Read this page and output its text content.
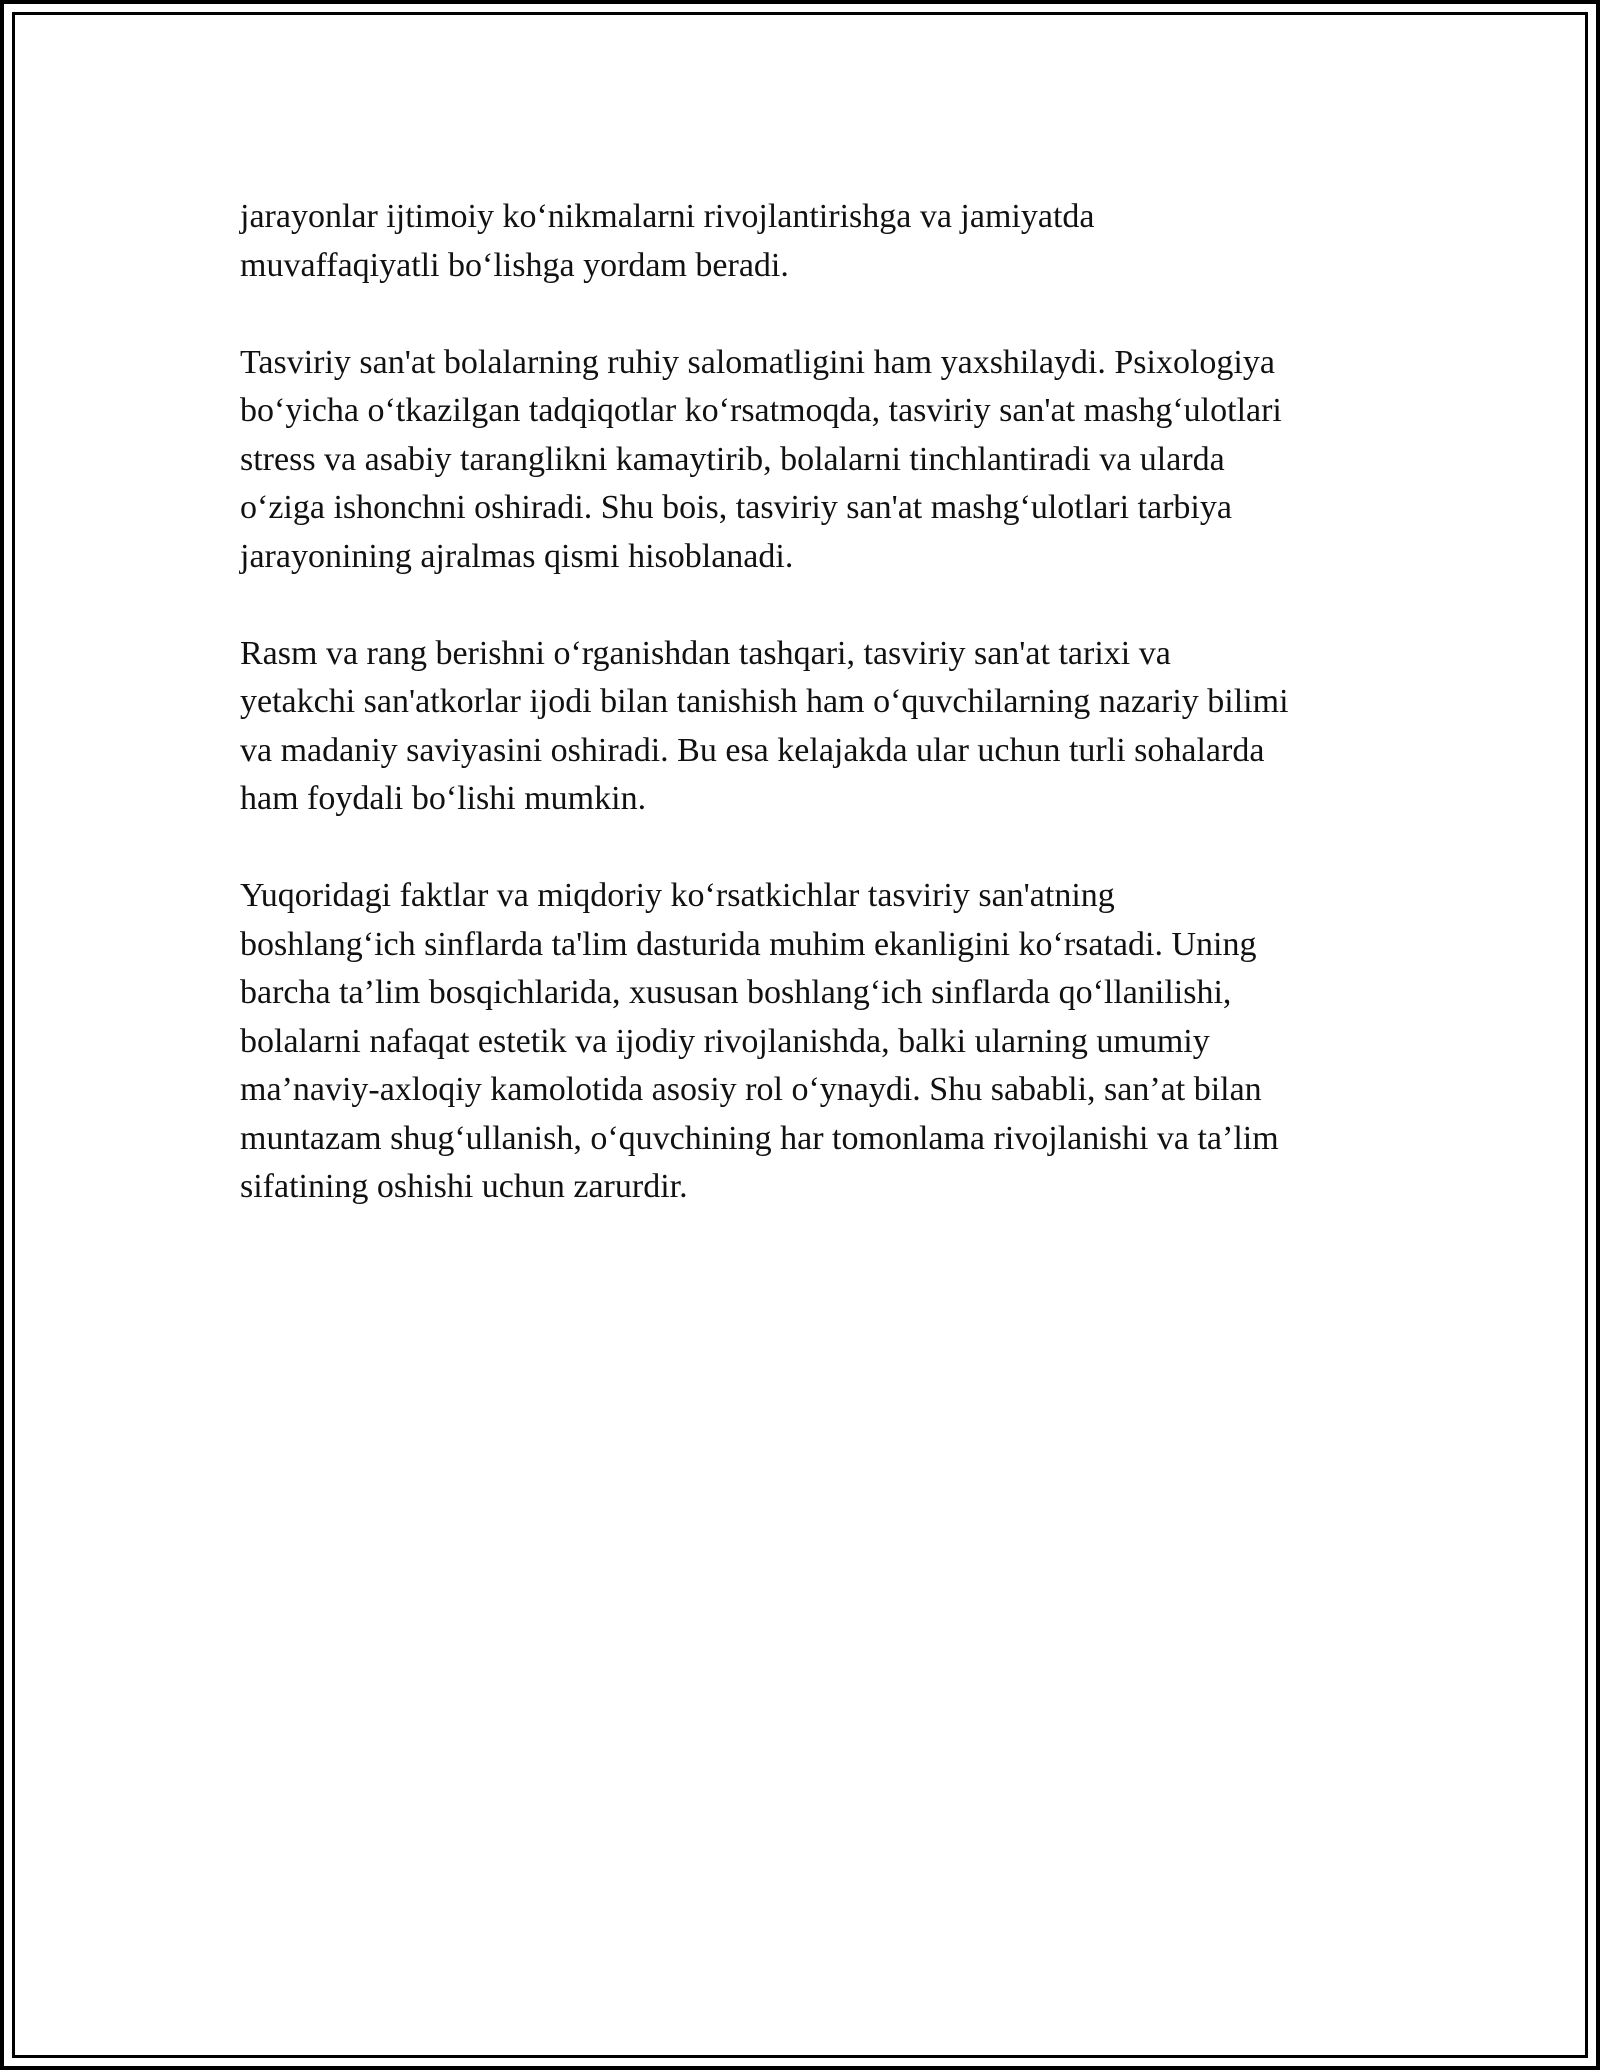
jarayonlar ijtimoiy ko‘nikmalarni rivojlantirishga va jamiyatda
muvaffaqiyatli bo‘lishga yordam beradi.

Tasviriy san'at bolalarning ruhiy salomatligini ham yaxshilaydi. Psixologiya
bo‘yicha o‘tkazilgan tadqiqotlar ko‘rsatmoqda, tasviriy san'at mashg‘ulotlari
stress va asabiy taranglikni kamaytirib, bolalarni tinchlantiradi va ularda
o‘ziga ishonchni oshiradi. Shu bois, tasviriy san'at mashg‘ulotlari tarbiya
jarayonining ajralmas qismi hisoblanadi.

Rasm va rang berishni o‘rganishdan tashqari, tasviriy san'at tarixi va
yetakchi san'atkorlar ijodi bilan tanishish ham o‘quvchilarning nazariy bilimi
va madaniy saviyasini oshiradi. Bu esa kelajakda ular uchun turli sohalarda
ham foydali bo‘lishi mumkin.

Yuqoridagi faktlar va miqdoriy ko‘rsatkichlar tasviriy san'atning
boshlang‘ich sinflarda ta'lim dasturida muhim ekanligini ko‘rsatadi. Uning
barcha ta’lim bosqichlarida, xususan boshlang‘ich sinflarda qo‘llanilishi,
bolalarni nafaqat estetik va ijodiy rivojlanishda, balki ularning umumiy
ma’naviy-axloqiy kamolotida asosiy rol o‘ynaydi. Shu sababli, san’at bilan
muntazam shug‘ullanish, o‘quvchining har tomonlama rivojlanishi va ta’lim
sifatining oshishi uchun zarurdir.
